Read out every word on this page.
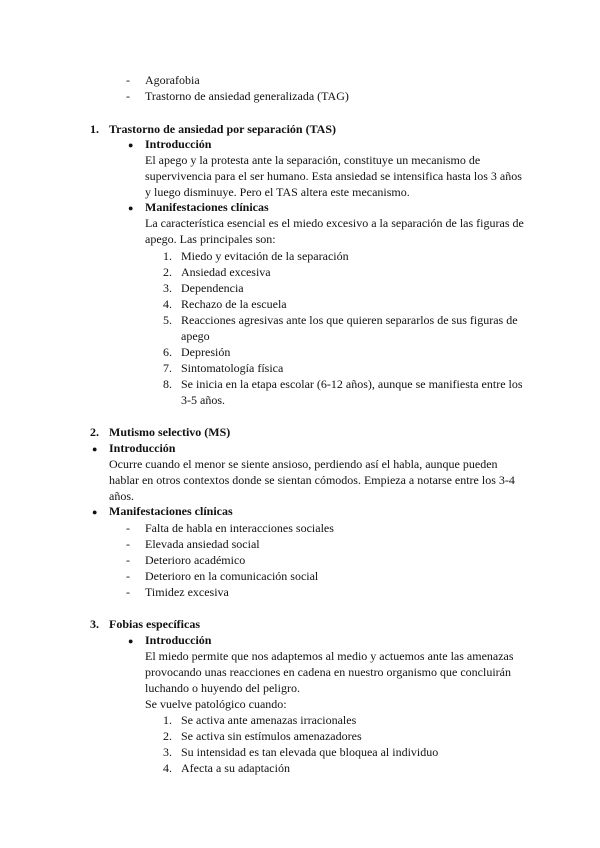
-	Agorafobia
-	Trastorno de ansiedad generalizada (TAG)
1. Trastorno de ansiedad por separación (TAS)
● Introducción
El apego y la protesta ante la separación, constituye un mecanismo de
supervivencia para el ser humano. Esta ansiedad se intensifica hasta los 3 años
y luego disminuye. Pero el TAS altera este mecanismo.
● Manifestaciones clínicas
La característica esencial es el miedo excesivo a la separación de las figuras de
apego. Las principales son:
1. Miedo y evitación de la separación
2. Ansiedad excesiva
3. Dependencia
4. Rechazo de la escuela
5. Reacciones agresivas ante los que quieren separarlos de sus figuras de
apego
6. Depresión
7. Sintomatología física
8. Se inicia en la etapa escolar (6-12 años), aunque se manifiesta entre los
3-5 años.
2. Mutismo selectivo (MS)
● Introducción
Ocurre cuando el menor se siente ansioso, perdiendo así el habla, aunque pueden
hablar en otros contextos donde se sientan cómodos. Empieza a notarse entre los 3-4
años.
● Manifestaciones clínicas
-	Falta de habla en interacciones sociales
-	Elevada ansiedad social
-	Deterioro académico
-	Deterioro en la comunicación social
-	Timidez excesiva
3. Fobias específicas
● Introducción
El miedo permite que nos adaptemos al medio y actuemos ante las amenazas
provocando unas reacciones en cadena en nuestro organismo que concluirán
luchando o huyendo del peligro.
Se vuelve patológico cuando:
1. Se activa ante amenazas irracionales
2. Se activa sin estímulos amenazadores
3. Su intensidad es tan elevada que bloquea al individuo
4. Afecta a su adaptación
